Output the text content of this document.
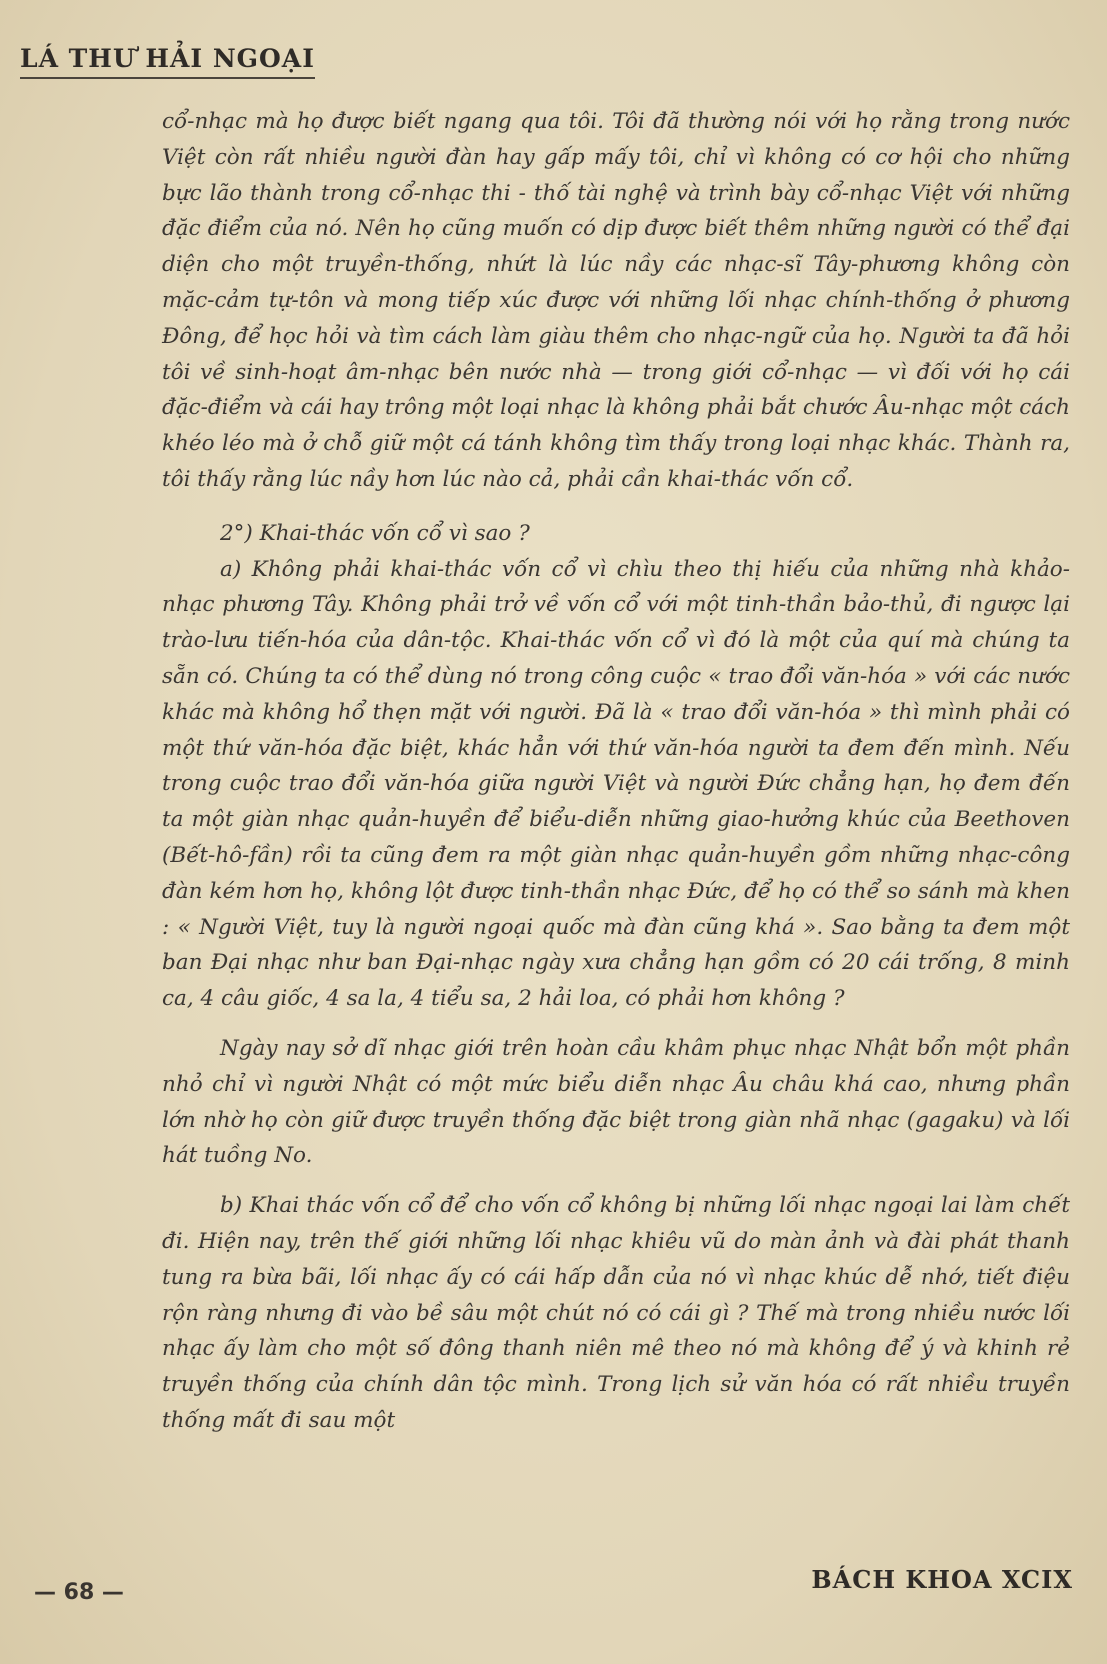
LÁ THƯ HẢI NGOẠI

cổ-nhạc mà họ được biết ngang qua tôi. Tôi đã thường nói với họ rằng trong nước Việt còn rất nhiều người đàn hay gấp mấy tôi, chỉ vì không có cơ hội cho những bực lão thành trong cổ-nhạc thi - thố tài nghệ và trình bày cổ-nhạc Việt với những đặc điểm của nó. Nên họ cũng muốn có dịp được biết thêm những người có thể đại diện cho một truyền-thống, nhứt là lúc nầy các nhạc-sĩ Tây-phương không còn mặc-cảm tự-tôn và mong tiếp xúc được với những lối nhạc chính-thống ở phương Đông, để học hỏi và tìm cách làm giàu thêm cho nhạc-ngữ của họ. Người ta đã hỏi tôi về sinh-hoạt âm-nhạc bên nước nhà — trong giới cổ-nhạc — vì đối với họ cái đặc-điểm và cái hay trông một loại nhạc là không phải bắt chước Âu-nhạc một cách khéo léo mà ở chỗ giữ một cá tánh không tìm thấy trong loại nhạc khác. Thành ra, tôi thấy rằng lúc nầy hơn lúc nào cả, phải cần khai-thác vốn cổ.

2°) Khai-thác vốn cổ vì sao ?

a) Không phải khai-thác vốn cổ vì chìu theo thị hiếu của những nhà khảo-nhạc phương Tây. Không phải trở về vốn cổ với một tinh-thần bảo-thủ, đi ngược lại trào-lưu tiến-hóa của dân-tộc. Khai-thác vốn cổ vì đó là một của quí mà chúng ta sẵn có. Chúng ta có thể dùng nó trong công cuộc « trao đổi văn-hóa » với các nước khác mà không hổ thẹn mặt với người. Đã là « trao đổi văn-hóa » thì mình phải có một thứ văn-hóa đặc biệt, khác hẳn với thứ văn-hóa người ta đem đến mình. Nếu trong cuộc trao đổi văn-hóa giữa người Việt và người Đức chẳng hạn, họ đem đến ta một giàn nhạc quản-huyền để biểu-diễn những giao-hưởng khúc của Beethoven (Bết-hô-fần) rồi ta cũng đem ra một giàn nhạc quản-huyền gồm những nhạc-công đàn kém hơn họ, không lột được tinh-thần nhạc Đức, để họ có thể so sánh mà khen : « Người Việt, tuy là người ngoại quốc mà đàn cũng khá ». Sao bằng ta đem một ban Đại nhạc như ban Đại-nhạc ngày xưa chẳng hạn gồm có 20 cái trống, 8 minh ca, 4 câu giốc, 4 sa la, 4 tiểu sa, 2 hải loa, có phải hơn không ?

Ngày nay sở dĩ nhạc giới trên hoàn cầu khâm phục nhạc Nhật bổn một phần nhỏ chỉ vì người Nhật có một mức biểu diễn nhạc Âu châu khá cao, nhưng phần lớn nhờ họ còn giữ được truyền thống đặc biệt trong giàn nhã nhạc (gagaku) và lối hát tuồng No.

b) Khai thác vốn cổ để cho vốn cổ không bị những lối nhạc ngoại lai làm chết đi. Hiện nay, trên thế giới những lối nhạc khiêu vũ do màn ảnh và đài phát thanh tung ra bừa bãi, lối nhạc ấy có cái hấp dẫn của nó vì nhạc khúc dễ nhớ, tiết điệu rộn ràng nhưng đi vào bề sâu một chút nó có cái gì ? Thế mà trong nhiều nước lối nhạc ấy làm cho một số đông thanh niên mê theo nó mà không để ý và khinh rẻ truyền thống của chính dân tộc mình. Trong lịch sử văn hóa có rất nhiều truyền thống mất đi sau một

— 68 —	BÁCH KHOA XCIX
